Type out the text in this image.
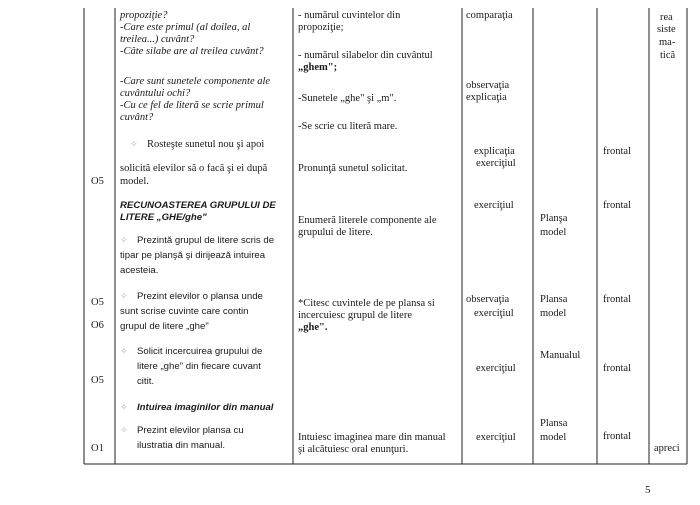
O5
O5
O6
O5
O1
propoziţie?
-Care este primul (al doilea, al
treilea...) cuvânt?
-Câte silabe are al treilea cuvânt?
-Care sunt sunetele componente ale
cuvântului ochi?
-Cu ce fel de literă se scrie primul
cuvânt?
✧ Rosteşte sunetul nou şi apoi
solicită elevilor să o facă şi ei după
model.
RECUNOASTEREA GRUPULUI DE
LITERE „GHE/ghe"
✧ Prezintă grupul de litere scris de
tipar pe planşă şi dirijează intuirea
acesteia.
✧ Prezint elevilor o plansa unde
sunt scrise cuvinte care contin
grupul de litere „ghe"
✧ Solicit incercuirea grupului de
litere „ghe" din fiecare cuvant
citit.
✧ Intuirea imaginilor din manual
✧ Prezint elevilor plansa cu
ilustratia din manual.
- numărul cuvintelor din
propoziţie;
- numărul silabelor din cuvântul
„ghem";
-Sunetele „ghe" şi „m".
-Se scrie cu literă mare.
Pronunţă sunetul solicitat.
Enumeră literele componente ale
grupului de litere.
*Citesc cuvintele de pe plansa si
incercuiesc grupul de litere
„ghe".
Intuiesc imaginea mare din manual
şi alcătuiesc oral enunţuri.
comparaţia
observaţia
explicaţia
explicaţia
exerciţiul
exerciţiul
observaţia
exerciţiul
exerciţiul
exerciţiul
Planşa
model
Plansa
model
Manualul
Plansa
model
frontal
frontal
frontal
frontal
frontal
rea
siste
ma-
tică
apreci
5
